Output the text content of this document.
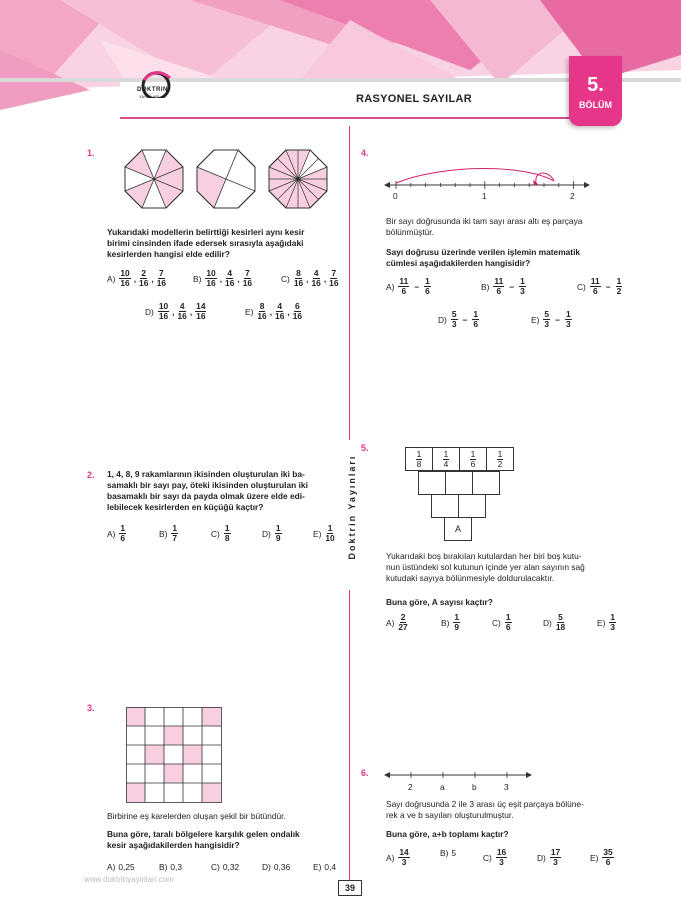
DOKTRIN
YAYINLARI	RASYONEL SAYILAR
5.
BÖLÜM
Doktrin Yayınları
1.
Yukarıdaki modellerin belirttiği kesirleri aynı kesir
birimi cinsinden ifade edersek sırasıyla aşağıdaki
kesirlerden hangisi elde edilir?
$A) \frac{10}{16}$ , $\frac{2}{16}$ , $\frac{7}{16}$	$B) \frac{10}{16}$ , $\frac{4}{16}$ , $\frac{7}{16}$	$C) \frac{8}{16}$ , $\frac{4}{16}$ , $\frac{7}{16}$
$D) \frac{10}{16}$ , $\frac{4}{16}$ , $\frac{14}{16}$	$E) \frac{8}{16}$ , $\frac{4}{16}$ , $\frac{6}{16}$
2. 1, 4, 8, 9 rakamlarının ikisinden oluşturulan iki ba-
samaklı bir sayı pay, öteki ikisinden oluşturulan iki
basamaklı bir sayı da payda olmak üzere elde edi-
lebilecek kesirlerden en küçüğü kaçtır?
$A) \frac{1}{6}$	$B) \frac{1}{7}$	$C) \frac{1}{8}$	$D) \frac{1}{9}$	$E) \frac{1}{10}$
3.
Birbirine eş karelerden oluşan şekil bir bütündür.
Buna göre, taralı bölgelere karşılık gelen ondalık
kesir aşağıdakilerden hangisidir?
A) 0,25	B) 0,3	C) 0,32	D) 0,36	E) 0,4
4.
0	1	2
Bir sayı doğrusunda iki tam sayı arası altı eş parçaya
bölünmüştür.
Sayı doğrusu üzerinde verilen işlemin matematik
cümlesi aşağıdakilerden hangisidir?
$A) \frac{11}{6} - \frac{1}{6}$	$B) \frac{11}{6} - \frac{1}{3}$	$C) \frac{11}{6} - \frac{1}{2}$
$D) \frac{5}{3} - \frac{1}{6}$	$E) \frac{5}{3} - \frac{1}{3}$
5.
$\frac{1}{8} \frac{1}{4} \frac{1}{6} \frac{1}{2}$
A
Yukarıdaki boş bırakılan kutulardan her biri boş kutu-
nun üstündeki sol kutunun içinde yer alan sayının sağ
kutudaki sayıya bölünmesiyle doldurulacaktır.
Buna göre, A sayısı kaçtır?
$A) \frac{2}{27}$	$B) \frac{1}{9}$	$C) \frac{1}{6}$	$D) \frac{5}{18}$	$E) \frac{1}{3}$
6.
2	a	b	3
Sayı doğrusunda 2 ile 3 arası üç eşit parçaya bölüne-
rek a ve b sayıları oluşturulmuştur.
Buna göre, a+b toplamı kaçtır?
$A) \frac{14}{3}$	B) 5	$C) \frac{16}{3}$	$D) \frac{17}{3}$	$E) \frac{35}{6}$
www.doktrinyayinlari.com
39
